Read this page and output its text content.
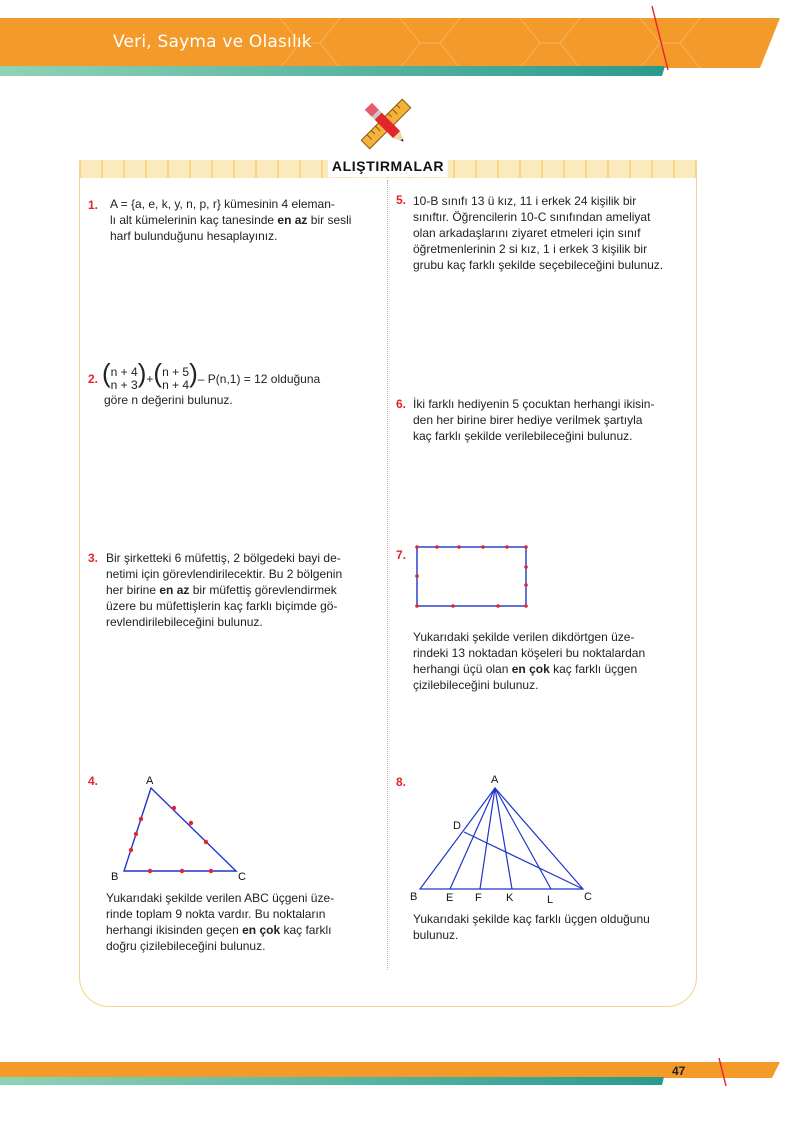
Veri, Sayma ve Olasılık
ALIŞTIRMALAR
1. A = {a, e, k, y, n, p, r} kümesinin 4 eleman-
lı alt kümelerinin kaç tanesinde en az bir sesli
harf bulunduğunu hesaplayınız.
2. (n + 4
n + 3)+(n + 5
n + 4)– P(n,1) = 12 olduğuna
göre n değerini bulunuz.
3. Bir şirketteki 6 müfettiş, 2 bölgedeki bayi de-
netimi için görevlendirilecektir. Bu 2 bölgenin
her birine en az bir müfettiş görevlendirmek
üzere bu müfettişlerin kaç farklı biçimde gö-
revlendirilebileceğini bulunuz.
4.	A
B	C
Yukarıdaki şekilde verilen ABC üçgeni üze-
rinde toplam 9 nokta vardır. Bu noktaların
herhangi ikisinden geçen en çok kaç farklı
doğru çizilebileceğini bulunuz.
5. 10-B sınıfı 13 ü kız, 11 i erkek 24 kişilik bir
sınıftır. Öğrencilerin 10-C sınıfından ameliyat
olan arkadaşlarını ziyaret etmeleri için sınıf
öğretmenlerinin 2 si kız, 1 i erkek 3 kişilik bir
grubu kaç farklı şekilde seçebileceğini bulunuz.
6. İki farklı hediyenin 5 çocuktan herhangi ikisin-
den her birine birer hediye verilmek şartıyla
kaç farklı şekilde verilebileceğini bulunuz.
7.
Yukarıdaki şekilde verilen dikdörtgen üze-
rindeki 13 noktadan köşeleri bu noktalardan
herhangi üçü olan en çok kaç farklı üçgen
çizilebileceğini bulunuz.
8.	A
D
B	E F K	L	C
Yukarıdaki şekilde kaç farklı üçgen olduğunu
bulunuz.
47
